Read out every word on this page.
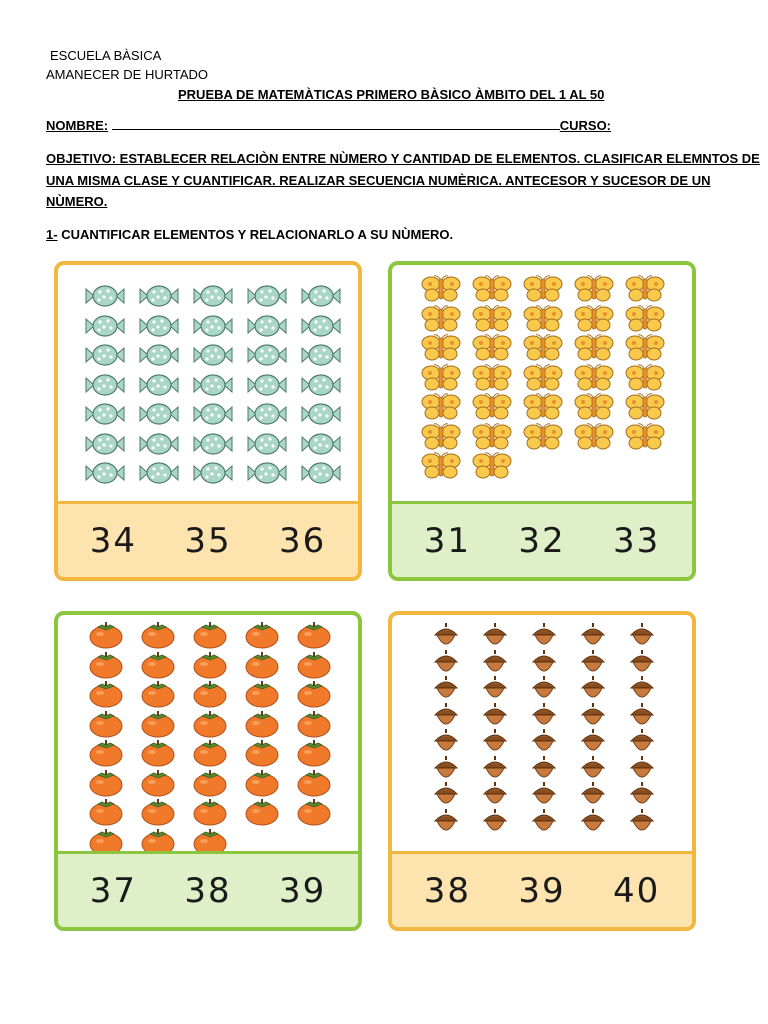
ESCUELA BÀSICA
AMANECER DE HURTADO
PRUEBA DE MATEMÀTICAS PRIMERO BÀSICO ÀMBITO DEL 1 AL 50
NOMBRE:	CURSO:
OBJETIVO: ESTABLECER RELACIÒN ENTRE NÙMERO Y CANTIDAD DE ELEMENTOS. CLASIFICAR ELEMNTOS DE
UNA MISMA CLASE Y CUANTIFICAR. REALIZAR SECUENCIA NUMÈRICA. ANTECESOR Y SUCESOR DE UN
NÙMERO.
1- CUANTIFICAR ELEMENTOS Y RELACIONARLO A SU NÙMERO.
34 35 36	31 32 33
37 38 39	38 39 40
